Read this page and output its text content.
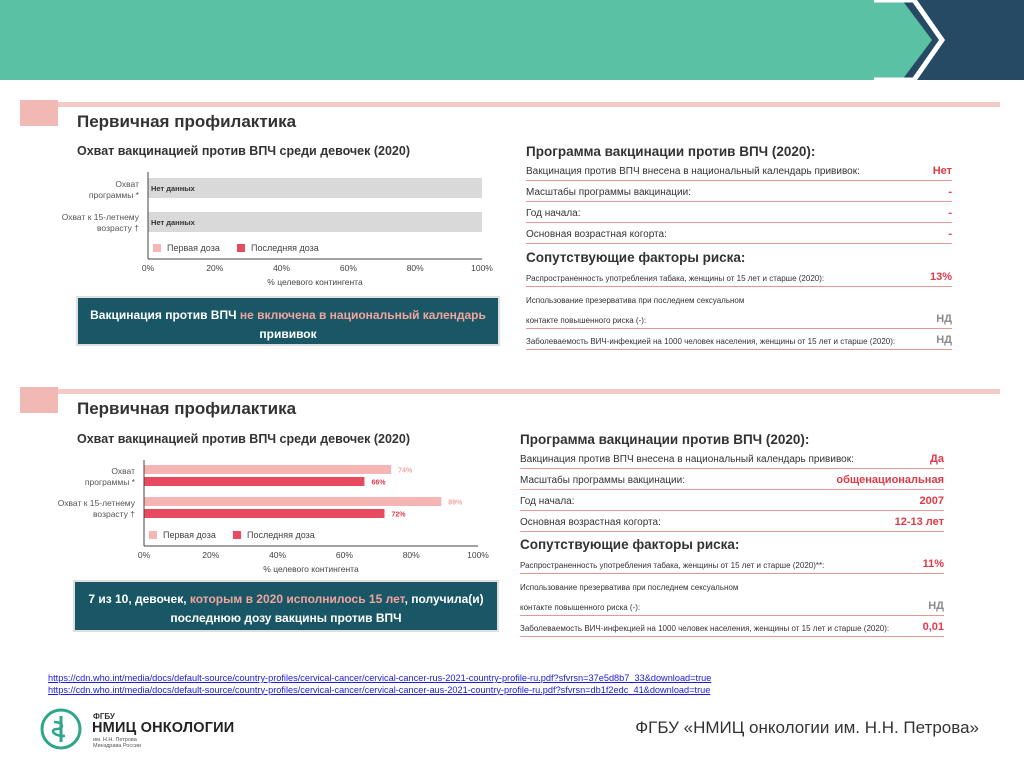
Первичная профилактика
Охват вакцинацией против ВПЧ среди девочек (2020)
Охват
программы *
Охват к 15-летнему
возрасту †
Нет данных
Нет данных
0%	20%	40%	60%	80%	100%
% целевого контингента
Первая доза	Последняя доза
Вакцинация против ВПЧ не включена в национальный календарь прививок
Программа вакцинации против ВПЧ (2020):
Вакцинация против ВПЧ внесена в национальный календарь прививок:	Нет
Масштабы программы вакцинации:	-
Год начала:	-
Основная возрастная когорта:	-
Сопутствующие факторы риска:
Распространенность употребления табака, женщины от 15 лет и старше (2020):	13%
Использование презерватива при последнем сексуальном
контакте повышенного риска (-):	НД
Заболеваемость ВИЧ-инфекцией на 1000 человек населения, женщины от 15 лет и старше (2020):	НД
Первичная профилактика
Охват вакцинацией против ВПЧ среди девочек (2020)
Охват
программы *
Охват к 15-летнему
возрасту †
74%
66%
89%
72%
0%	20%	40%	60%	80%	100%
% целевого контингента
Первая доза	Последняя доза
7 из 10, девочек, которым в 2020 исполнилось 15 лет, получила(и) последнюю дозу вакцины против ВПЧ
Программа вакцинации против ВПЧ (2020):
Вакцинация против ВПЧ внесена в национальный календарь прививок:	Да
Масштабы программы вакцинации:	общенациональная
Год начала:	2007
Основная возрастная когорта:	12-13 лет
Сопутствующие факторы риска:
Распространенность употребления табака, женщины от 15 лет и старше (2020)**:	11%
Использование презерватива при последнем сексуальном
контакте повышенного риска (-):	НД
Заболеваемость ВИЧ-инфекцией на 1000 человек населения, женщины от 15 лет и старше (2020):	0,01
https://cdn.who.int/media/docs/default-source/country-profiles/cervical-cancer/cervical-cancer-rus-2021-country-profile-ru.pdf?sfvrsn=37e5d8b7_33&download=true
https://cdn.who.int/media/docs/default-source/country-profiles/cervical-cancer/cervical-cancer-aus-2021-country-profile-ru.pdf?sfvrsn=db1f2edc_41&download=true
ФГБУ
НМИЦ ОНКОЛОГИИ
им. Н.Н. Петрова Минздрава России
ФГБУ «НМИЦ онкологии им. Н.Н. Петрова»
